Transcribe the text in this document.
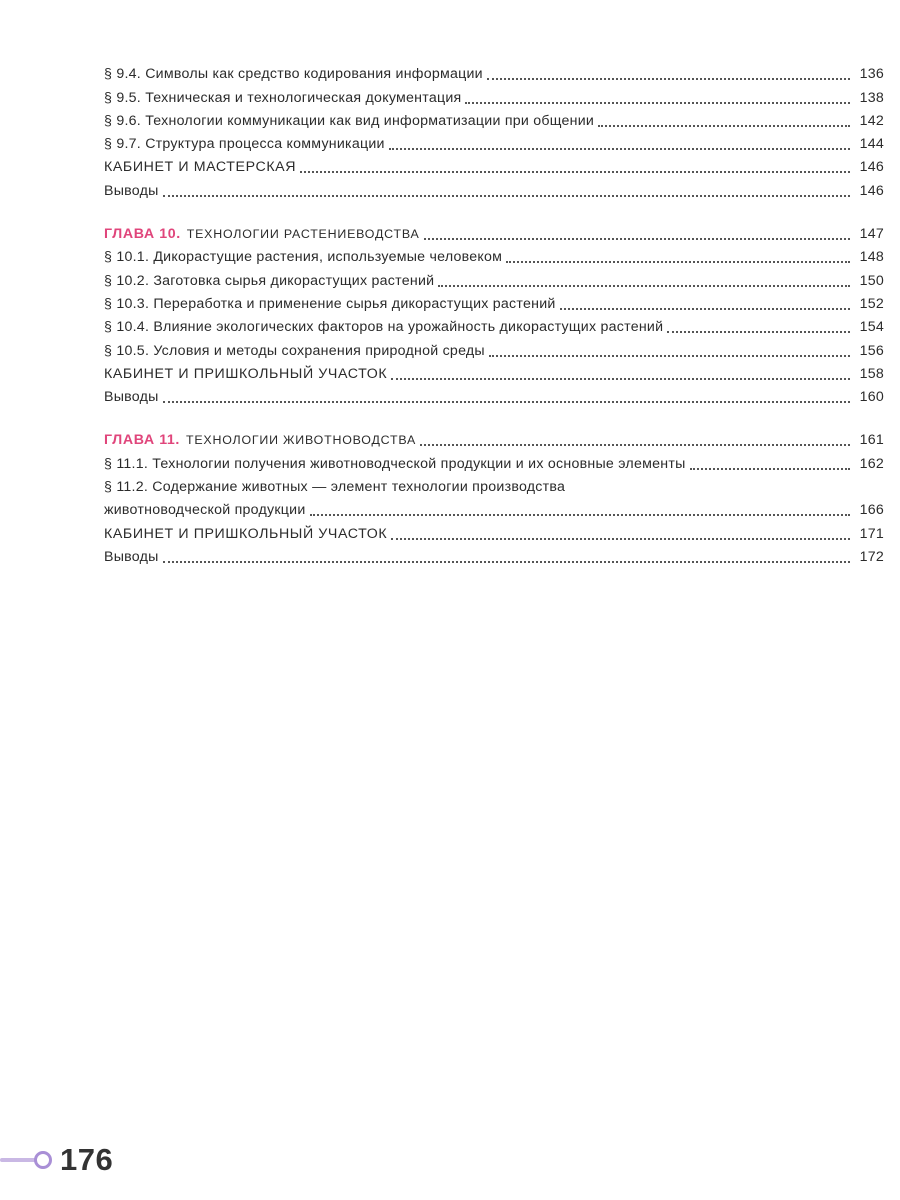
§ 9.4. Символы как средство кодирования информации	136
§ 9.5. Техническая и технологическая документация	138
§ 9.6. Технологии коммуникации как вид информатизации при общении	142
§ 9.7. Структура процесса коммуникации	144
КАБИНЕТ И МАСТЕРСКАЯ	146
Выводы	146
ГЛАВА 10. ТЕХНОЛОГИИ РАСТЕНИЕВОДСТВА	147
§ 10.1. Дикорастущие растения, используемые человеком	148
§ 10.2. Заготовка сырья дикорастущих растений	150
§ 10.3. Переработка и применение сырья дикорастущих растений	152
§ 10.4. Влияние экологических факторов на урожайность дикорастущих растений	154
§ 10.5. Условия и методы сохранения природной среды	156
КАБИНЕТ И ПРИШКОЛЬНЫЙ УЧАСТОК	158
Выводы	160
ГЛАВА 11. ТЕХНОЛОГИИ ЖИВОТНОВОДСТВА	161
§ 11.1. Технологии получения животноводческой продукции и их основные элементы	162
§ 11.2. Содержание животных — элемент технологии производства
животноводческой продукции	166
КАБИНЕТ И ПРИШКОЛЬНЫЙ УЧАСТОК	171
Выводы	172
176
